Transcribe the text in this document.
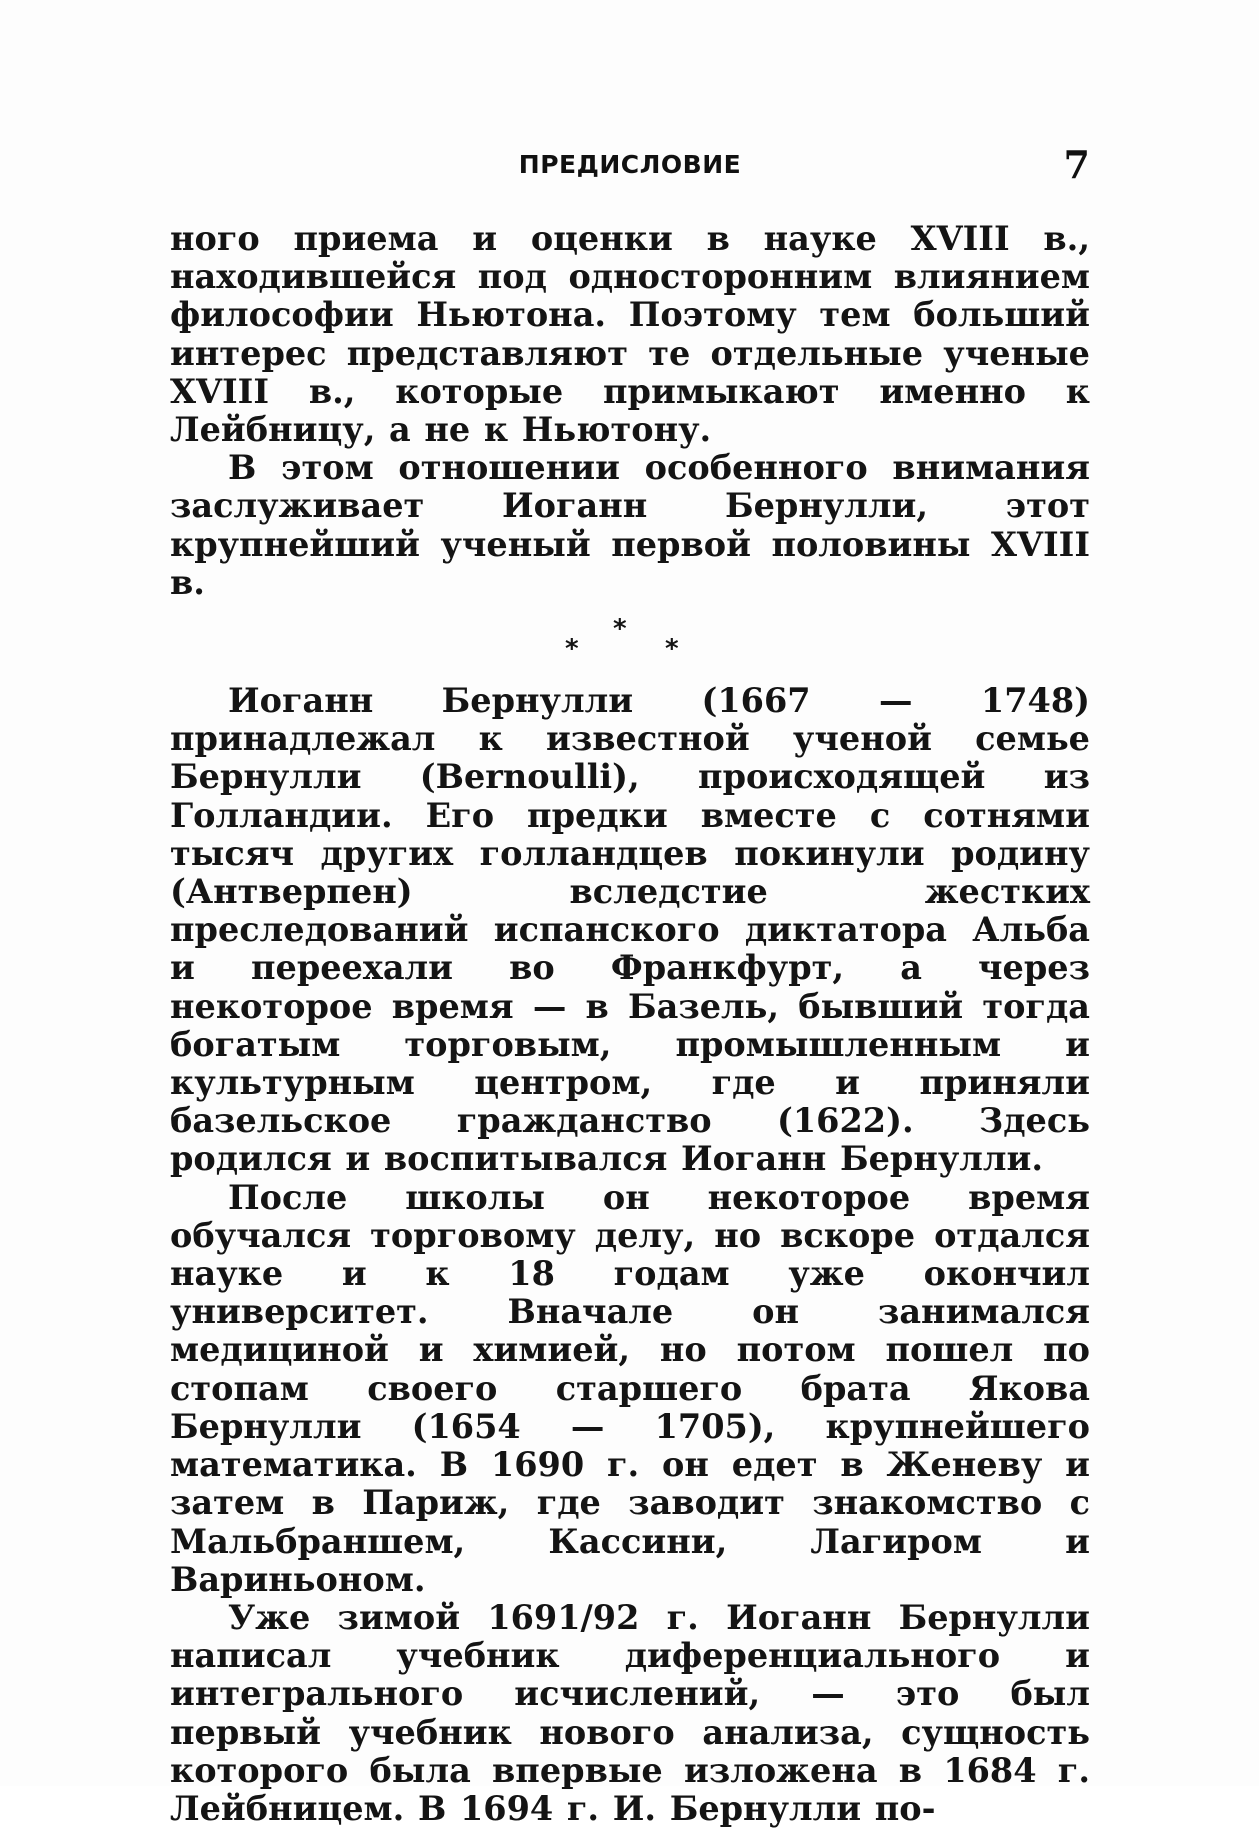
ПРЕДИСЛОВИЕ	7

ного приема и оценки в науке XVIII в., находившейся под односторонним влиянием философии Ньютона. Поэтому тем больший интерес представляют те отдельные ученые XVIII в., которые примыкают именно к Лейбницу, а не к Ньютону.

В этом отношении особенного внимания заслуживает Иоганн Бернулли, этот крупнейший ученый первой половины XVIII в.

*
*	*

Иоганн Бернулли (1667 — 1748) принадлежал к известной ученой семье Бернулли (Bernoulli), происходящей из Голландии. Его предки вместе с сотнями тысяч других голландцев покинули родину (Антверпен) вследстие жестких преследований испанского диктатора Альба и переехали во Франкфурт, а через некоторое время — в Базель, бывший тогда богатым торговым, промышленным и культурным центром, где и приняли базельское гражданство (1622). Здесь родился и воспитывался Иоганн Бернулли.

После школы он некоторое время обучался торговому делу, но вскоре отдался науке и к 18 годам уже окончил университет. Вначале он занимался медициной и химией, но потом пошел по стопам своего старшего брата Якова Бернулли (1654 — 1705), крупнейшего математика. В 1690 г. он едет в Женеву и затем в Париж, где заводит знакомство с Мальбраншем, Кассини, Лагиром и Вариньоном.

Уже зимой 1691/92 г. Иоганн Бернулли написал учебник диференциального и интегрального исчислений, — это был первый учебник нового анализа, сущность которого была впервые изложена в 1684 г. Лейбницем. В 1694 г. И. Бернулли по-
